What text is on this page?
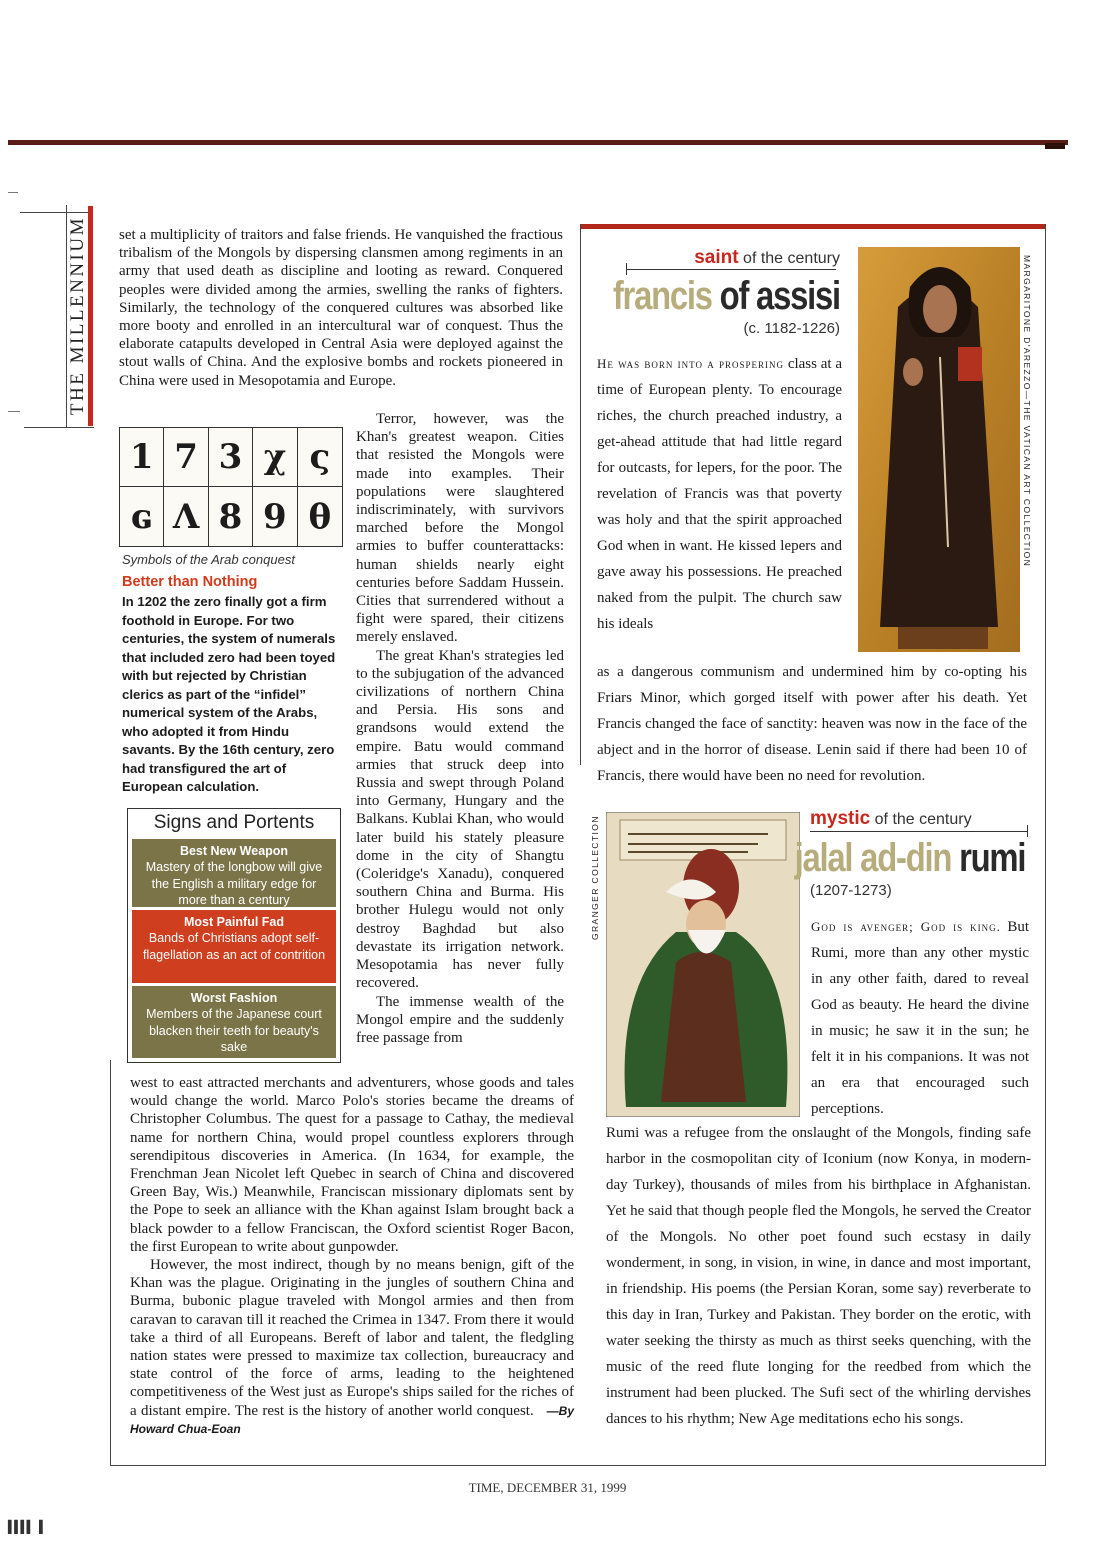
THE MILLENNIUM set a multiplicity of traitors and false friends. He vanquished the fractious tribalism of the Mongols by dispersing clansmen among regiments in an army that used death as discipline and looting as reward. Conquered peoples were divided among the armies, swelling the ranks of fighters. Similarly, the technology of the conquered cultures was absorbed like more booty and enrolled in an intercultural war of conquest. Thus the elaborate catapults developed in Central Asia were deployed against the stout walls of China. And the explosive bombs and rockets pioneered in China were used in Mesopotamia and Europe.

1 7 3 χ ς
ɢ Λ 8 9 θ
Symbols of the Arab conquest
Better than Nothing

In 1202 the zero finally got a firm foothold in Europe. For two centuries, the system of numerals that included zero had been toyed with but rejected by Christian clerics as part of the “infidel” numerical system of the Arabs, who adopted it from Hindu savants. By the 16th century, zero had transfigured the art of European calculation.

Signs and Portents
Best New Weapon
Mastery of the longbow will give the English a military edge for more than a century
Most Painful Fad
Bands of Christians adopt self-flagellation as an act of contrition
Worst Fashion
Members of the Japanese court blacken their teeth for beauty's sake

Terror, however, was the Khan's greatest weapon. Cities that resisted the Mongols were made into examples. Their populations were slaughtered indiscriminately, with survivors marched before the Mongol armies to buffer counterattacks: human shields nearly eight centuries before Saddam Hussein. Cities that surrendered without a fight were spared, their citizens merely enslaved.

The great Khan's strategies led to the subjugation of the advanced civilizations of northern China and Persia. His sons and grandsons would extend the empire. Batu would command armies that struck deep into Russia and swept through Poland into Germany, Hungary and the Balkans. Kublai Khan, who would later build his stately pleasure dome in the city of Shangtu (Coleridge's Xanadu), conquered southern China and Burma. His brother Hulegu would not only destroy Baghdad but also devastate its irrigation network. Mesopotamia has never fully recovered.

The immense wealth of the Mongol empire and the suddenly free passage from

west to east attracted merchants and adventurers, whose goods and tales would change the world. Marco Polo's stories became the dreams of Christopher Columbus. The quest for a passage to Cathay, the medieval name for northern China, would propel countless explorers through serendipitous discoveries in America. (In 1634, for example, the Frenchman Jean Nicolet left Quebec in search of China and discovered Green Bay, Wis.) Meanwhile, Franciscan missionary diplomats sent by the Pope to seek an alliance with the Khan against Islam brought back a black powder to a fellow Franciscan, the Oxford scientist Roger Bacon, the first European to write about gunpowder.

However, the most indirect, though by no means benign, gift of the Khan was the plague. Originating in the jungles of southern China and Burma, bubonic plague traveled with Mongol armies and then from caravan to caravan till it reached the Crimea in 1347. From there it would take a third of all Europeans. Bereft of labor and talent, the fledgling nation states were pressed to maximize tax collection, bureaucracy and state control of the force of arms, leading to the heightened competitiveness of the West just as Europe's ships sailed for the riches of a distant empire. The rest is the history of another world conquest. —By Howard Chua-Eoan

saint of the century
francis of assisi
(c. 1182-1226)	MARGARITONE D'AREZZO—THE VATICAN ART COLLECTION

He was born into a prospering class at a time of European plenty. To encourage riches, the church preached industry, a get-ahead attitude that had little regard for outcasts, for lepers, for the poor. The revelation of Francis was that poverty was holy and that the spirit approached God when in want. He kissed lepers and gave away his possessions. He preached naked from the pulpit. The church saw his ideals

as a dangerous communism and undermined him by co-opting his Friars Minor, which gorged itself with power after his death. Yet Francis changed the face of sanctity: heaven was now in the face of the abject and in the horror of disease. Lenin said if there had been 10 of Francis, there would have been no need for revolution.

GRANGER COLLECTION	mystic of the century
jalal ad-din rumi
(1207-1273)

God is avenger; God is king. But Rumi, more than any other mystic in any other faith, dared to reveal God as beauty. He heard the divine in music; he saw it in the sun; he felt it in his companions. It was not an era that encouraged such perceptions.

Rumi was a refugee from the onslaught of the Mongols, finding safe harbor in the cosmopolitan city of Iconium (now Konya, in modern-day Turkey), thousands of miles from his birthplace in Afghanistan. Yet he said that though people fled the Mongols, he served the Creator of the Mongols. No other poet found such ecstasy in daily wonderment, in song, in vision, in wine, in dance and most important, in friendship. His poems (the Persian Koran, some say) reverberate to this day in Iran, Turkey and Pakistan. They border on the erotic, with water seeking the thirsty as much as thirst seeks quenching, with the music of the reed flute longing for the reedbed from which the instrument had been plucked. The Sufi sect of the whirling dervishes dances to his rhythm; New Age meditations echo his songs.

TIME, DECEMBER 31, 1999
▌▌▌▌ ▌
